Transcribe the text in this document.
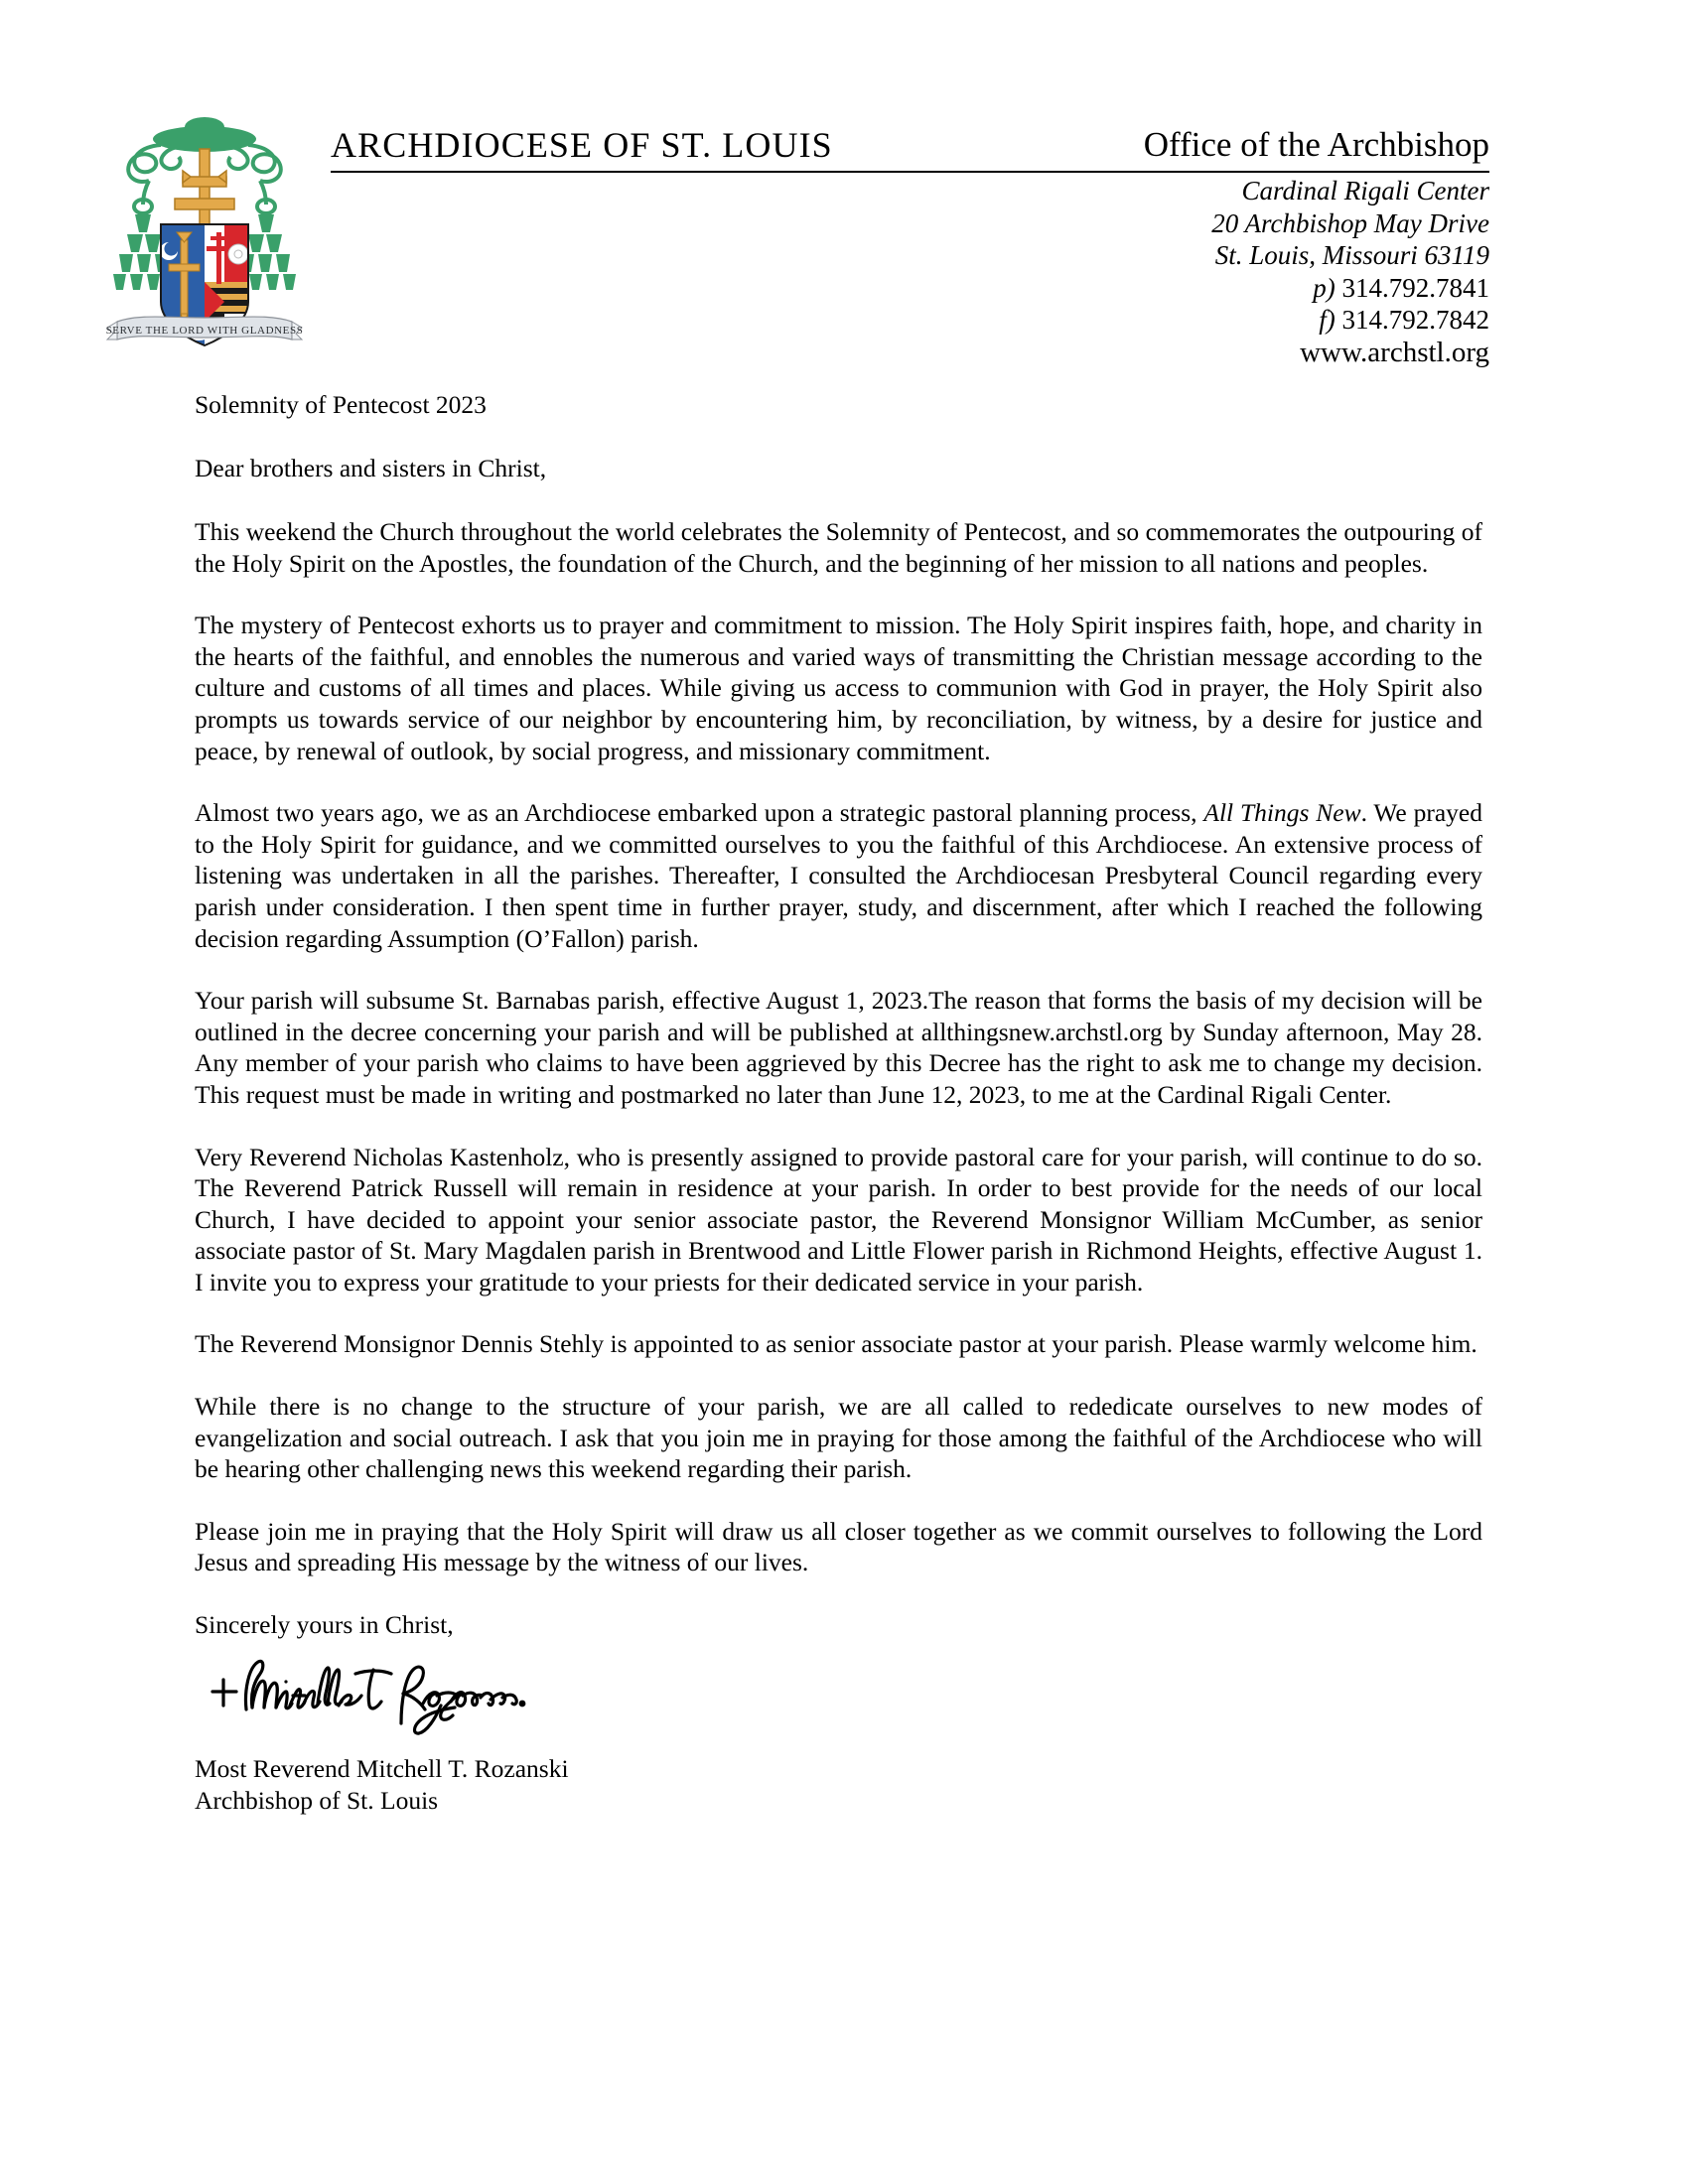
SERVE THE LORD WITH GLADNESS
ARCHDIOCESE OF ST. LOUIS	Office of the Archbishop
Cardinal Rigali Center
20 Archbishop May Drive
St. Louis, Missouri 63119
p) 314.792.7841
f) 314.792.7842
www.archstl.org
Solemnity of Pentecost 2023
Dear brothers and sisters in Christ,

This weekend the Church throughout the world celebrates the Solemnity of Pentecost, and so commemorates the outpouring of the Holy Spirit on the Apostles, the foundation of the Church, and the beginning of her mission to all nations and peoples.

The mystery of Pentecost exhorts us to prayer and commitment to mission. The Holy Spirit inspires faith, hope, and charity in the hearts of the faithful, and ennobles the numerous and varied ways of transmitting the Christian message according to the culture and customs of all times and places. While giving us access to communion with God in prayer, the Holy Spirit also prompts us towards service of our neighbor by encountering him, by reconciliation, by witness, by a desire for justice and peace, by renewal of outlook, by social progress, and missionary commitment.

Almost two years ago, we as an Archdiocese embarked upon a strategic pastoral planning process, All Things New. We prayed to the Holy Spirit for guidance, and we committed ourselves to you the faithful of this Archdiocese. An extensive process of listening was undertaken in all the parishes. Thereafter, I consulted the Archdiocesan Presbyteral Council regarding every parish under consideration. I then spent time in further prayer, study, and discernment, after which I reached the following decision regarding Assumption (O’Fallon) parish.

Your parish will subsume St. Barnabas parish, effective August 1, 2023.The reason that forms the basis of my decision will be outlined in the decree concerning your parish and will be published at allthingsnew.archstl.org by Sunday afternoon, May 28. Any member of your parish who claims to have been aggrieved by this Decree has the right to ask me to change my decision. This request must be made in writing and postmarked no later than June 12, 2023, to me at the Cardinal Rigali Center.

Very Reverend Nicholas Kastenholz, who is presently assigned to provide pastoral care for your parish, will continue to do so. The Reverend Patrick Russell will remain in residence at your parish. In order to best provide for the needs of our local Church, I have decided to appoint your senior associate pastor, the Reverend Monsignor William McCumber, as senior associate pastor of St. Mary Magdalen parish in Brentwood and Little Flower parish in Richmond Heights, effective August 1. I invite you to express your gratitude to your priests for their dedicated service in your parish.

The Reverend Monsignor Dennis Stehly is appointed to as senior associate pastor at your parish. Please warmly welcome him.

While there is no change to the structure of your parish, we are all called to rededicate ourselves to new modes of evangelization and social outreach. I ask that you join me in praying for those among the faithful of the Archdiocese who will be hearing other challenging news this weekend regarding their parish.

Please join me in praying that the Holy Spirit will draw us all closer together as we commit ourselves to following the Lord Jesus and spreading His message by the witness of our lives.

Sincerely yours in Christ,
Most Reverend Mitchell T. Rozanski
Archbishop of St. Louis
